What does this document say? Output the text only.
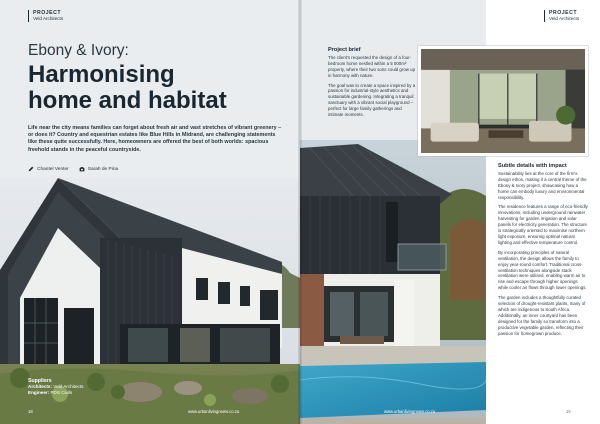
PROJECT
Veld Architects
Ebony & Ivory:
Harmonising
home and habitat
Life near the city means families can forget about fresh air and vast stretches of vibrant greenery – or does it? Country and equestrian estates like Blue Hills in Midrand, are challenging statements like these quite successfully. Here, homeowners are offered the best of both worlds: spacious freehold stands in the peaceful countryside.
Chantel Venter	Sarah de Pina
Suppliers
Architects: Veld Architects
Engineer: PDS Civils
18	www.urbanlivingnews.co.za
PROJECT
Veld Architects
Project brief

The client's requested the design of a four-bedroom home nestled within a 5 000m² property, where their two sons could grow up in harmony with nature.

The goal was to create a space inspired by a passion for industrial-style aesthetics and sustainable gardening. Integrating a tranquil sanctuary with a vibrant social playground – perfect for large family gatherings and intimate moments.

Subtle details with impact

Sustainability lies at the core of the firm's design ethos, making it a central theme of the Ebony & Ivory project, showcasing how a home can embody luxury and environmental responsibility.

The residence features a range of eco-friendly innovations, including underground rainwater harvesting for garden irrigation and solar panels for electricity generation. The structure is strategically oriented to maximise northern light exposure, ensuring optimal natural lighting and effective temperature control.

By incorporating principles of natural ventilation, the design allows the family to enjoy year-round comfort. Traditional cross-ventilation techniques alongside stack ventilation were utilised, enabling warm air to rise and escape through higher openings while cooler air flows through lower openings.

The garden includes a thoughtfully curated selection of drought-resistant plants, many of which are indigenous to South Africa. Additionally, an inner courtyard has been designed for the family so transform into a productive vegetable garden, reflecting their passion for homegrown produce.

www.urbanlivingnews.co.za	19
